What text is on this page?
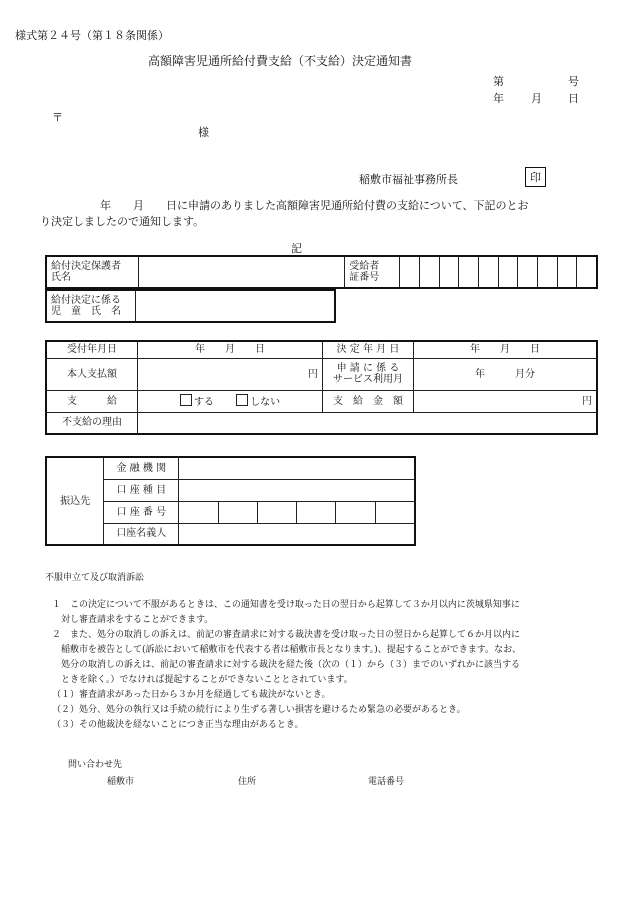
様式第２４号（第１８条関係）
高額障害児通所給付費支給（不支給）決定通知書
第	号
年 月 日
〒
様
稲敷市福祉事務所長	印
年　　月　　日に申請のありました高額障害児通所給付費の支給について、下記のとお
り決定しましたので通知します。
記
給付決定保護者
氏名		受給者
証番号										
給付決定に係る
児　童　氏　名	
受付年月日	年　　月　　日	決 定 年 月 日	年　　月　　日
本人支払額	円	申 請 に 係 る
サービス利用月	年　　　月分
支　　　給	する しない	支　給　金　額	円
不支給の理由			
振込先	金 融 機 関						
	口 座 種 目						
	口 座 番 号						
	口座名義人						
不服申立て及び取消訴訟
１　この決定について不服があるときは、この通知書を受け取った日の翌日から起算して３か月以内に茨城県知事に
　対し審査請求をすることができます。
２　また、処分の取消しの訴えは、前記の審査請求に対する裁決書を受け取った日の翌日から起算して６か月以内に
　稲敷市を被告として(訴訟において稲敷市を代表する者は稲敷市長となります。)、提起することができます。なお、
　処分の取消しの訴えは、前記の審査請求に対する裁決を経た後（次の（１）から（３）までのいずれかに該当する
　ときを除く。）でなければ提起することができないこととされています。
（１）審査請求があった日から３か月を経過しても裁決がないとき。
（２）処分、処分の執行又は手続の続行により生ずる著しい損害を避けるため緊急の必要があるとき。
（３）その他裁決を経ないことにつき正当な理由があるとき。
問い合わせ先
稲敷市	住所	電話番号
